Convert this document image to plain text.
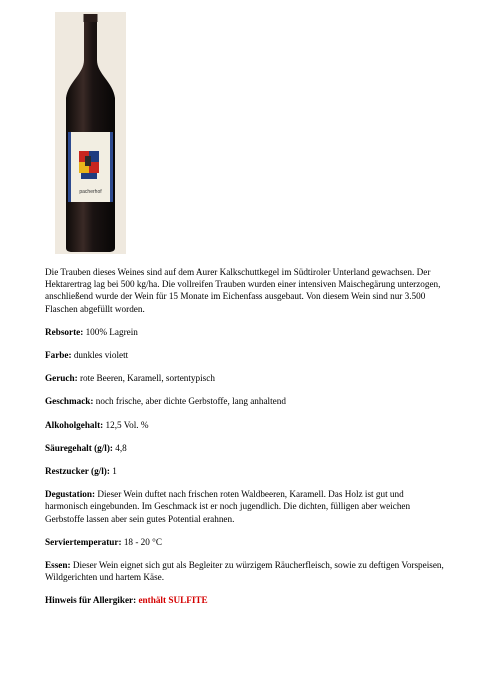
pacherhof

Die Trauben dieses Weines sind auf dem Aurer Kalkschuttkegel im Südtiroler Unterland gewachsen. Der Hektarertrag lag bei 500 kg/ha. Die vollreifen Trauben wurden einer intensiven Maischegärung unterzogen, anschließend wurde der Wein für 15 Monate im Eichenfass ausgebaut. Von diesem Wein sind nur 3.500 Flaschen abgefüllt worden.

Rebsorte: 100% Lagrein

Farbe: dunkles violett

Geruch: rote Beeren, Karamell, sortentypisch

Geschmack: noch frische, aber dichte Gerbstoffe, lang anhaltend

Alkoholgehalt: 12,5 Vol. %

Säuregehalt (g/l): 4,8

Restzucker (g/l): 1

Degustation: Dieser Wein duftet nach frischen roten Waldbeeren, Karamell. Das Holz ist gut und harmonisch eingebunden. Im Geschmack ist er noch jugendlich. Die dichten, fülligen aber weichen Gerbstoffe lassen aber sein gutes Potential erahnen.

Serviertemperatur: 18 - 20 °C

Essen: Dieser Wein eignet sich gut als Begleiter zu würzigem Räucherfleisch, sowie zu deftigen Vorspeisen, Wildgerichten und hartem Käse.

Hinweis für Allergiker: enthält SULFITE
